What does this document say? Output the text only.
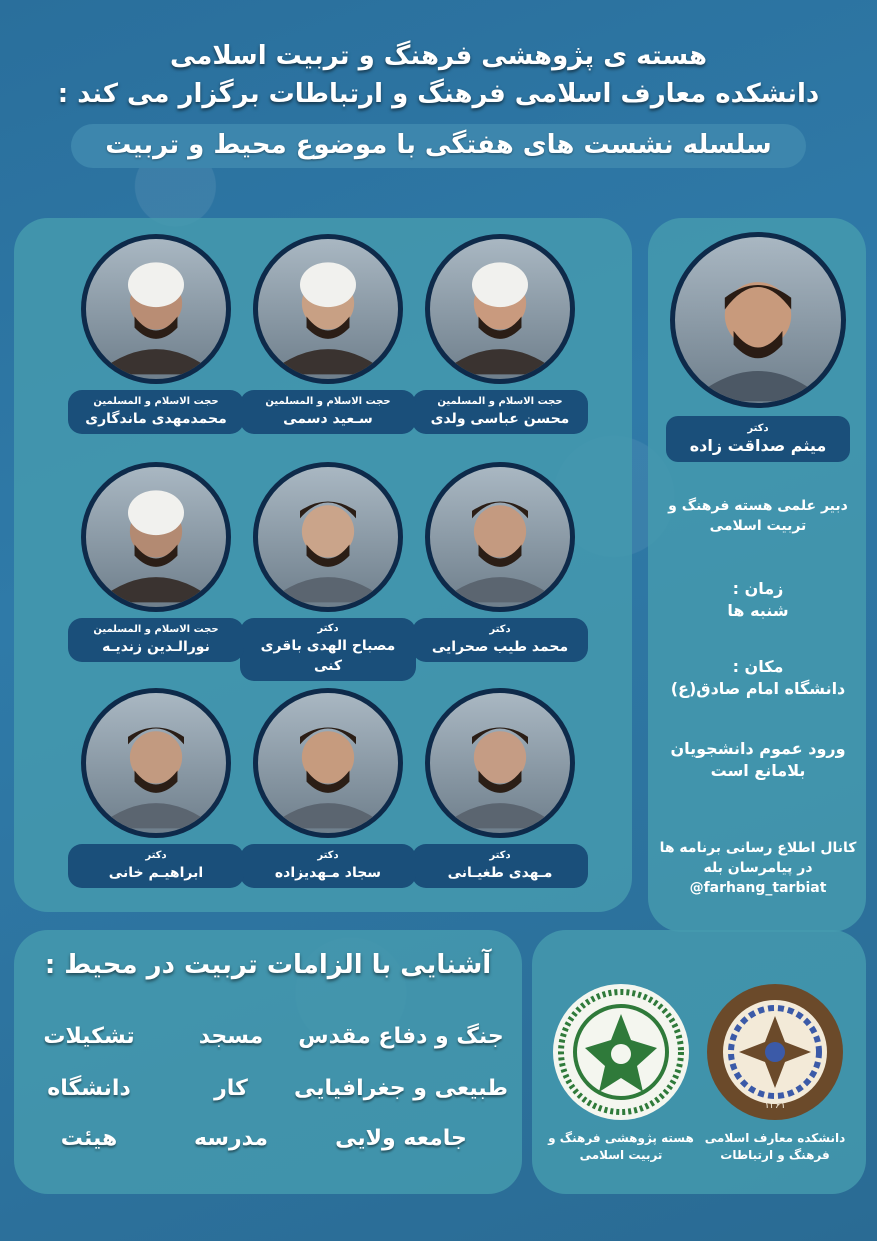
هسته ی پژوهشی فرهنگ و تربیت اسلامی
دانشکده معارف اسلامی فرهنگ و ارتباطات برگزار می کند :
سلسله نشست های هفتگی با موضوع محیط و تربیت
حجت الاسلام و المسلمین
محسن عباسی ولدی
حجت الاسلام و المسلمین
سـعید دسمی
حجت الاسلام و المسلمین
محمدمهدی ماندگاری
دکتر
محمد طیب صحرایی
دکتر
مصباح الهدی باقری کنی
حجت الاسلام و المسلمین
نورالـدین زندیـه
دکتر
مـهدی طغیـانی
دکتر
سجاد مـهدیزاده
دکتر
ابراهیـم خانی
دکتر
میثم صداقت زاده
دبیر علمی هسته فرهنگ و تربیت اسلامی
زمان :
شنبه ها
مکان :
دانشگاه امام صادق(ع)
ورود عموم دانشجویان بلامانع است
کانال اطلاع رسانی برنامه ها در پیامرسان بله
@farhang_tarbiat
آشنایی با الزامات تربیت در محیط :
جنگ و دفاع مقدس
مسجد
تشکیلات
طبیعی و جغرافیایی
کار
دانشگاه
جامعه ولایی
مدرسه
هیئت
۱۳۶۱
دانشکده معارف اسلامی فرهنگ و ارتباطات
هسته پژوهشی فرهنگ و تربیت اسلامی
